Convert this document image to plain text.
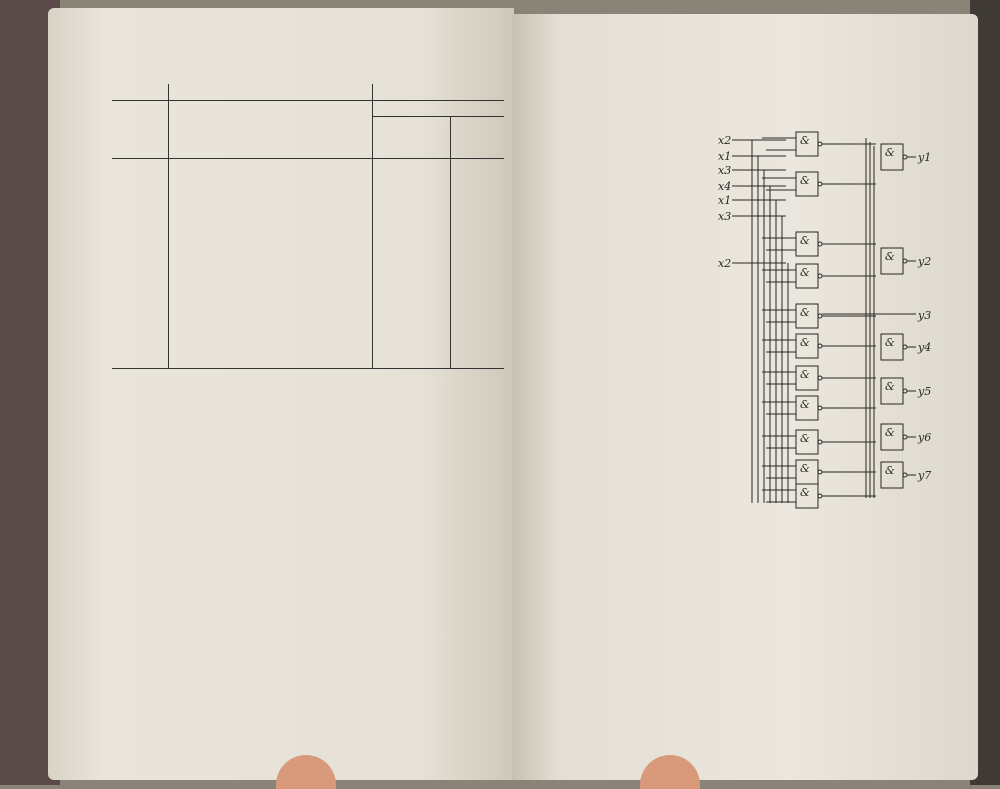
x2
x1
x3
x4
x1
x3
x2
&
&
&
&
&
&
&
&
&
&
&
& y1
& y2
y3
& y4
& y5
& y6
& y7
